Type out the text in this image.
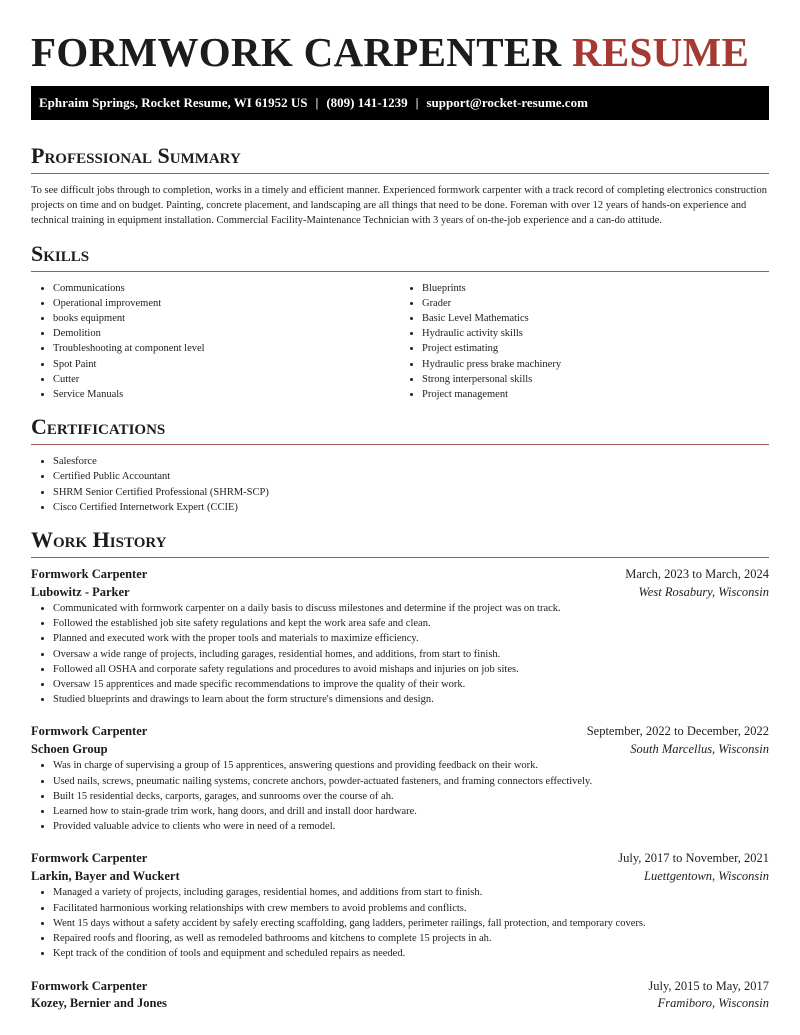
FORMWORK CARPENTER RESUME
Ephraim Springs, Rocket Resume, WI 61952 US | (809) 141-1239 | support@rocket-resume.com
Professional Summary

To see difficult jobs through to completion, works in a timely and efficient manner. Experienced formwork carpenter with a track record of completing electronics construction projects on time and on budget. Painting, concrete placement, and landscaping are all things that need to be done. Foreman with over 12 years of hands-on experience and technical training in equipment installation. Commercial Facility-Maintenance Technician with 3 years of on-the-job experience and a can-do attitude.

Skills
• Communications
• Operational improvement
• books equipment
• Demolition
• Troubleshooting at component level
• Spot Paint
• Cutter
• Service Manuals
• Blueprints
• Grader
• Basic Level Mathematics
• Hydraulic activity skills
• Project estimating
• Hydraulic press brake machinery
• Strong interpersonal skills
• Project management
Certifications
• Salesforce
• Certified Public Accountant
• SHRM Senior Certified Professional (SHRM-SCP)
• Cisco Certified Internetwork Expert (CCIE)
Work History
Formwork Carpenter	March, 2023 to March, 2024
Lubowitz - Parker	West Rosabury, Wisconsin
• Communicated with formwork carpenter on a daily basis to discuss milestones and determine if the project was on track.
• Followed the established job site safety regulations and kept the work area safe and clean.
• Planned and executed work with the proper tools and materials to maximize efficiency.
• Oversaw a wide range of projects, including garages, residential homes, and additions, from start to finish.
• Followed all OSHA and corporate safety regulations and procedures to avoid mishaps and injuries on job sites.
• Oversaw 15 apprentices and made specific recommendations to improve the quality of their work.
• Studied blueprints and drawings to learn about the form structure's dimensions and design.
Formwork Carpenter	September, 2022 to December, 2022
Schoen Group	South Marcellus, Wisconsin
• Was in charge of supervising a group of 15 apprentices, answering questions and providing feedback on their work.
• Used nails, screws, pneumatic nailing systems, concrete anchors, powder-actuated fasteners, and framing connectors effectively.
• Built 15 residential decks, carports, garages, and sunrooms over the course of ah.
• Learned how to stain-grade trim work, hang doors, and drill and install door hardware.
• Provided valuable advice to clients who were in need of a remodel.
Formwork Carpenter	July, 2017 to November, 2021
Larkin, Bayer and Wuckert	Luettgentown, Wisconsin
• Managed a variety of projects, including garages, residential homes, and additions from start to finish.
• Facilitated harmonious working relationships with crew members to avoid problems and conflicts.
• Went 15 days without a safety accident by safely erecting scaffolding, gang ladders, perimeter railings, fall protection, and temporary covers.
• Repaired roofs and flooring, as well as remodeled bathrooms and kitchens to complete 15 projects in ah.
• Kept track of the condition of tools and equipment and scheduled repairs as needed.
Formwork Carpenter	July, 2015 to May, 2017
Kozey, Bernier and Jones	Framiboro, Wisconsin
